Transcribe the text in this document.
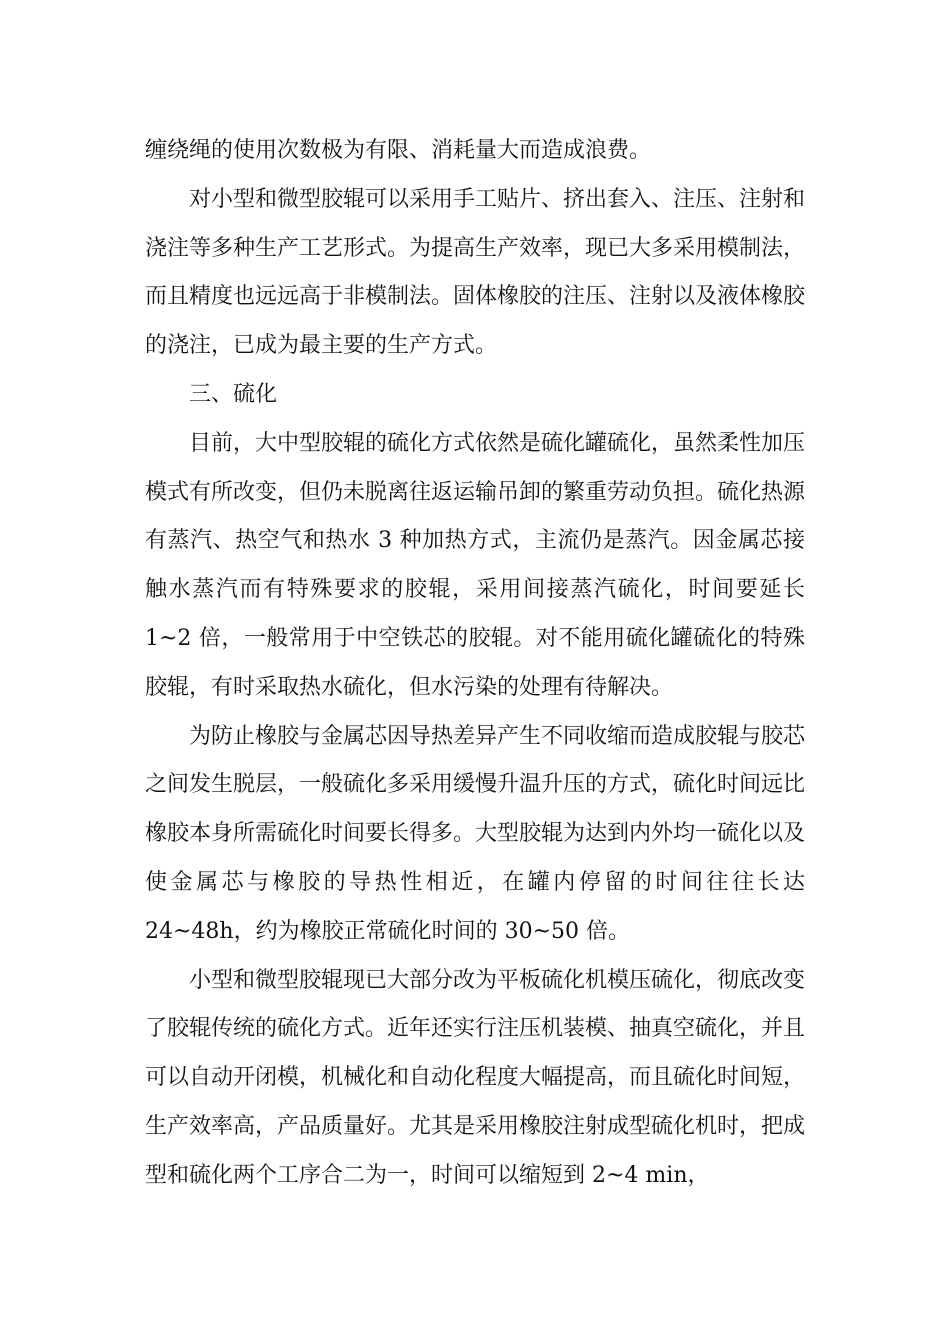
缠绕绳的使用次数极为有限、消耗量大而造成浪费。

对小型和微型胶辊可以采用手工贴片、挤出套入、注压、注射和浇注等多种生产工艺形式。为提高生产效率，现已大多采用模制法，而且精度也远远高于非模制法。固体橡胶的注压、注射以及液体橡胶的浇注，已成为最主要的生产方式。

三、硫化

目前，大中型胶辊的硫化方式依然是硫化罐硫化，虽然柔性加压模式有所改变，但仍未脱离往返运输吊卸的繁重劳动负担。硫化热源有蒸汽、热空气和热水 3 种加热方式，主流仍是蒸汽。因金属芯接触水蒸汽而有特殊要求的胶辊，采用间接蒸汽硫化，时间要延长 1~2 倍，一般常用于中空铁芯的胶辊。对不能用硫化罐硫化的特殊胶辊，有时采取热水硫化，但水污染的处理有待解决。

为防止橡胶与金属芯因导热差异产生不同收缩而造成胶辊与胶芯之间发生脱层，一般硫化多采用缓慢升温升压的方式，硫化时间远比橡胶本身所需硫化时间要长得多。大型胶辊为达到内外均一硫化以及使金属芯与橡胶的导热性相近，在罐内停留的时间往往长达 24~48h，约为橡胶正常硫化时间的 30~50 倍。

小型和微型胶辊现已大部分改为平板硫化机模压硫化，彻底改变了胶辊传统的硫化方式。近年还实行注压机装模、抽真空硫化，并且可以自动开闭模，机械化和自动化程度大幅提高，而且硫化时间短，生产效率高，产品质量好。尤其是采用橡胶注射成型硫化机时，把成型和硫化两个工序合二为一，时间可以缩短到 2~4 min，
